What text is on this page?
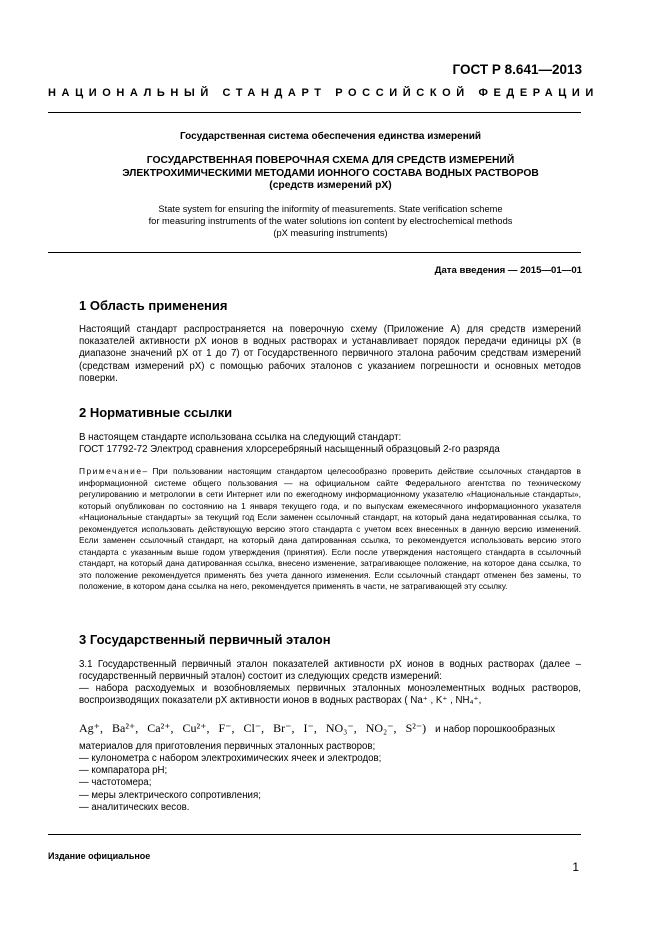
ГОСТ Р 8.641—2013
НАЦИОНАЛЬНЫЙ СТАНДАРТ РОССИЙСКОЙ ФЕДЕРАЦИИ
Государственная система обеспечения единства измерений
ГОСУДАРСТВЕННАЯ ПОВЕРОЧНАЯ СХЕМА ДЛЯ СРЕДСТВ ИЗМЕРЕНИЙ
ЭЛЕКТРОХИМИЧЕСКИМИ МЕТОДАМИ ИОННОГО СОСТАВА ВОДНЫХ РАСТВОРОВ
(средств измерений рХ)
State system for ensuring the iniformity of measurements. State verification scheme
for measuring instruments of the water solutions ion content by electrochemical methods
(pX measuring instruments)
Дата введения — 2015—01—01
1 Область применения
Настоящий стандарт распространяется на поверочную схему (Приложение А) для средств измерений показателей активности рХ ионов в водных растворах и устанавливает порядок передачи единицы рХ (в диапазоне значений рХ от 1 до 7) от Государственного первичного эталона рабочим средствам измерений (средствам измерений рХ) с помощью рабочих эталонов с указанием погрешности и основных методов поверки.
2 Нормативные ссылки
В настоящем стандарте использована ссылка на следующий стандарт:
ГОСТ 17792-72 Электрод сравнения хлорсеребряный насыщенный образцовый 2-го разряда
Примечание– При пользовании настоящим стандартом целесообразно проверить действие ссылочных стандартов в информационной системе общего пользования — на официальном сайте Федерального агентства по техническому регулированию и метрологии в сети Интернет или по ежегодному информационному указателю «Национальные стандарты», который опубликован по состоянию на 1 января текущего года, и по выпускам ежемесячного информационного указателя «Национальные стандарты» за текущий год Если заменен ссылочный стандарт, на который дана недатированная ссылка, то рекомендуется использовать действующую версию этого стандарта с учетом всех внесенных в данную версию изменений. Если заменен ссылочный стандарт, на который дана датированная ссылка, то рекомендуется использовать версию этого стандарта с указанным выше годом утверждения (принятия). Если после утверждения настоящего стандарта в ссылочный стандарт, на который дана датированная ссылка, внесено изменение, затрагивающее положение, на которое дана ссылка, то это положение рекомендуется применять без учета данного изменения. Если ссылочный стандарт отменен без замены, то положение, в котором дана ссылка на него, рекомендуется применять в части, не затрагивающей эту ссылку.
3 Государственный первичный эталон
3.1 Государственный первичный эталон показателей активности рХ ионов в водных растворах (далее – государственный первичный эталон) состоит из следующих средств измерений:
— набора расходуемых и возобновляемых первичных эталонных моноэлементных водных растворов, воспроизводящих показатели рХ активности ионов в водных растворах ( Na⁺ , K⁺ , NH₄⁺,
Ag⁺, Ba²⁺, Ca²⁺, Cu²⁺, F⁻, Cl⁻, Br⁻, I⁻, NO₃⁻, NO₂⁻, S²⁻) и набор порошкообразных
материалов для приготовления первичных эталонных растворов;
— кулонометра с набором электрохимических ячеек и электродов;
— компаратора рН;
— частотомера;
— меры электрического сопротивления;
— аналитических весов.
Издание официальное
1
